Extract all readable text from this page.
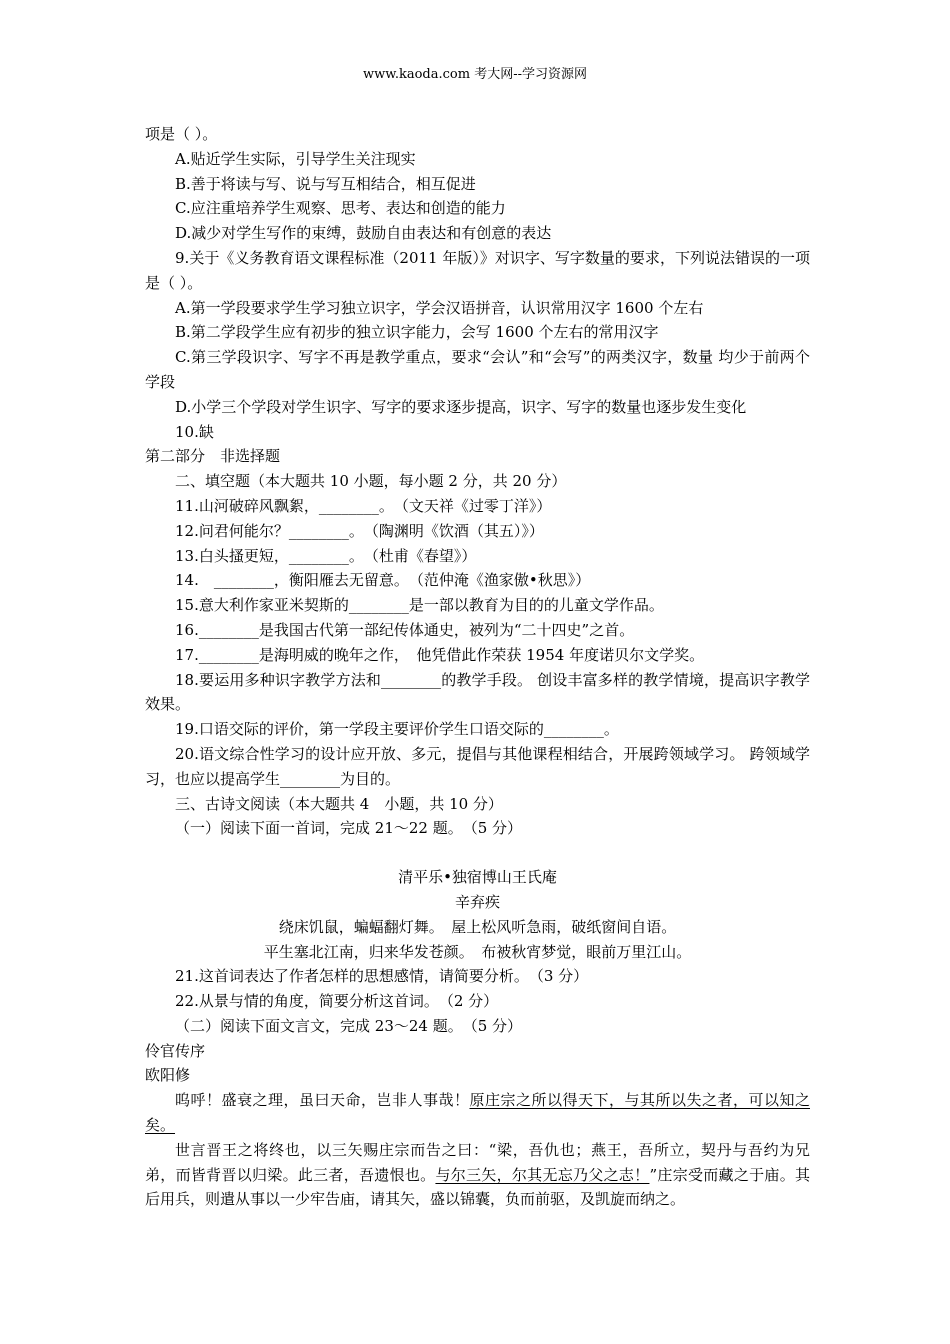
www.kaoda.com 考大网--学习资源网

项是（ ）。

A.贴近学生实际，引导学生关注现实

B.善于将读与写、说与写互相结合，相互促进

C.应注重培养学生观察、思考、表达和创造的能力

D.减少对学生写作的束缚，鼓励自由表达和有创意的表达

9.关于《义务教育语文课程标准（2011 年版）》对识字、写字数量的要求，下列说法错误的一项是（ ）。

A.第一学段要求学生学习独立识字，学会汉语拼音，认识常用汉字 1600 个左右

B.第二学段学生应有初步的独立识字能力，会写 1600 个左右的常用汉字

C.第三学段识字、写字不再是教学重点，要求“会认”和“会写”的两类汉字，数量 均少于前两个学段

D.小学三个学段对学生识字、写字的要求逐步提高，识字、写字的数量也逐步发生变化

10.缺

第二部分　非选择题

二、填空题（本大题共 10 小题，每小题 2 分，共 20 分）

11.山河破碎风飘絮，________。　（文天祥《过零丁洋》）

12.问君何能尔？________。　（陶渊明《饮酒（其五）》）

13.白头搔更短，________。　（杜甫《春望》）

14.　________，衡阳雁去无留意。　（范仲淹《渔家傲•秋思》）

15.意大利作家亚米契斯的________是一部以教育为目的的儿童文学作品。

16.________是我国古代第一部纪传体通史，被列为“二十四史”之首。

17.________是海明威的晚年之作，　他凭借此作荣获 1954 年度诺贝尔文学奖。

18.要运用多种识字教学方法和________的教学手段。 创设丰富多样的教学情境，提高识字教学效果。

19.口语交际的评价，第一学段主要评价学生口语交际的________。

20.语文综合性学习的设计应开放、多元，提倡与其他课程相结合，开展跨领域学习。 跨领域学习，也应以提高学生________为目的。

三、古诗文阅读（本大题共 4　小题，共 10 分）

（一）阅读下面一首词，完成 21～22 题。　（5 分）

清平乐•独宿博山王氏庵

辛弃疾

绕床饥鼠，蝙蝠翻灯舞。　屋上松风听急雨，破纸窗间自语。

平生塞北江南，归来华发苍颜。　布被秋宵梦觉，眼前万里江山。

21.这首词表达了作者怎样的思想感情，请简要分析。　（3 分）

22.从景与情的角度，简要分析这首词。　（2 分）

（二）阅读下面文言文，完成 23～24 题。　（5 分）

伶官传序

欧阳修

呜呼！盛衰之理，虽曰天命，岂非人事哉！原庄宗之所以得天下，与其所以失之者，可以知之矣。

世言晋王之将终也，以三矢赐庄宗而告之曰：“梁，吾仇也；燕王，吾所立，契丹与吾约为兄弟，而皆背晋以归梁。此三者，吾遗恨也。与尔三矢，尔其无忘乃父之志！”庄宗受而藏之于庙。其后用兵，则遣从事以一少牢告庙，请其矢，盛以锦囊，负而前驱，及凯旋而纳之。
